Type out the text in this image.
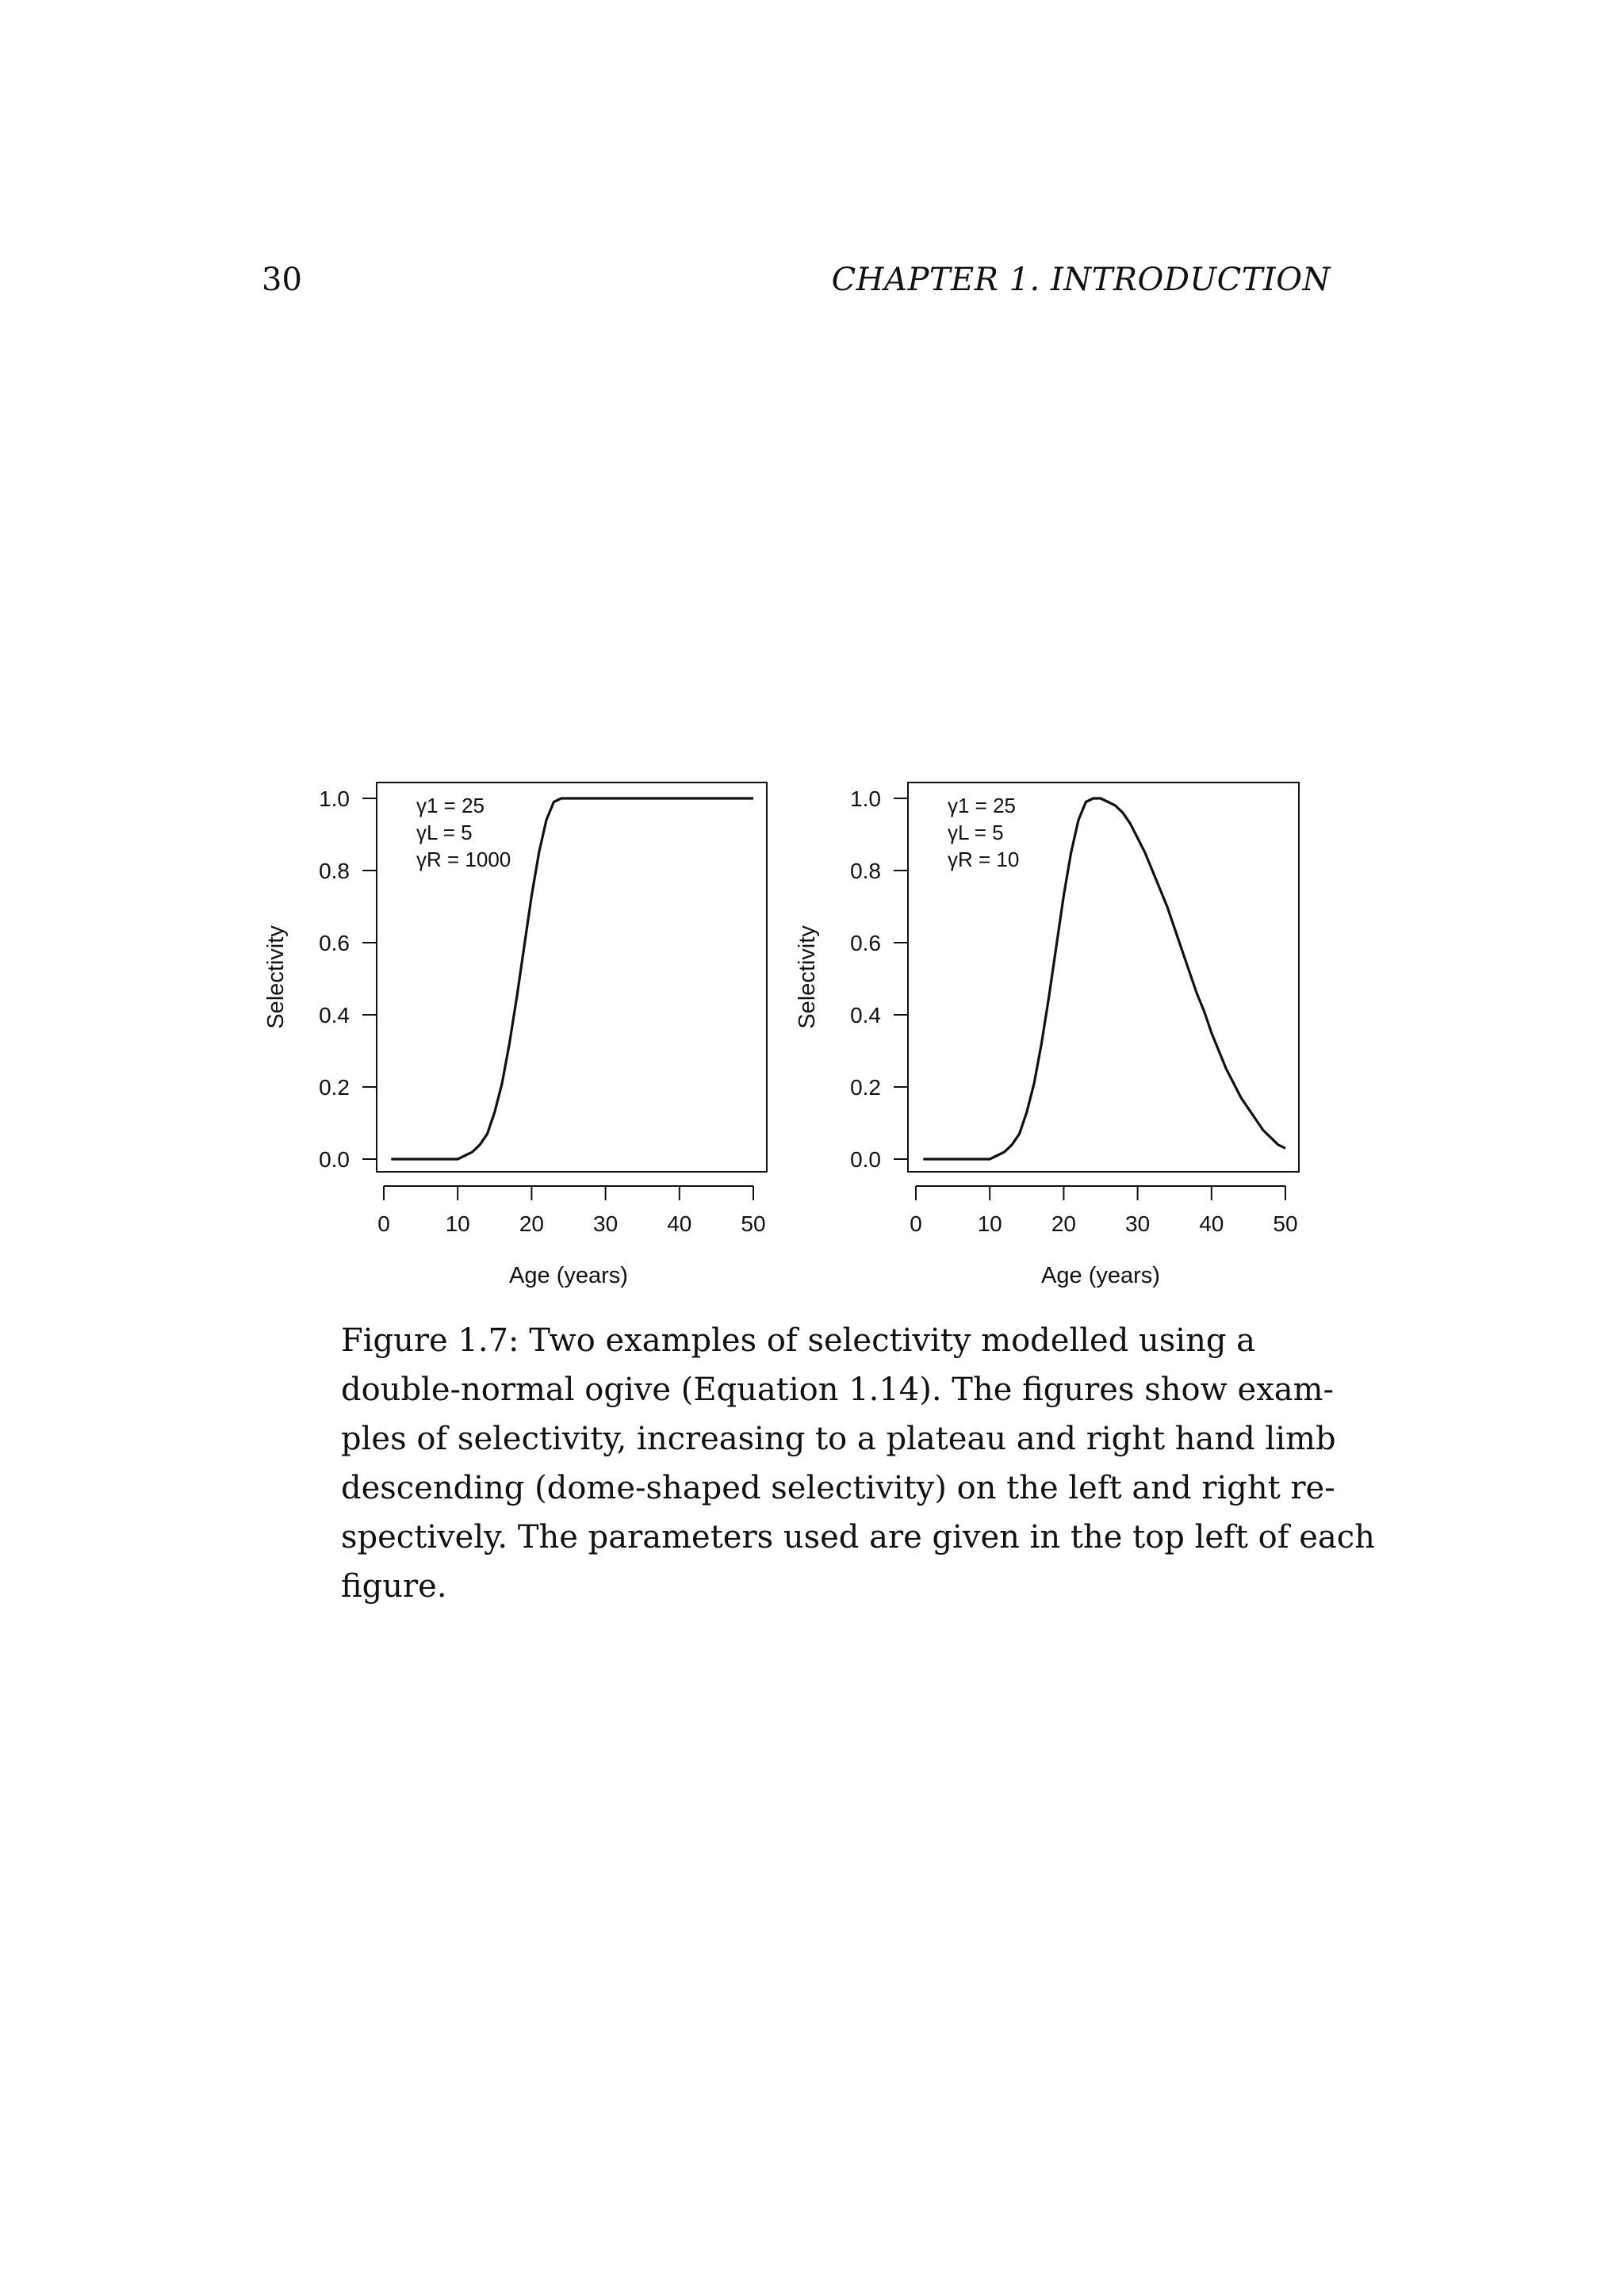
30	CHAPTER 1. INTRODUCTION
0.0
0.2
0.4
0.6
0.8
1.0
0 10 20 30 40 50
Age (years)
Selectivity
γ1 = 25
γL = 5
γR = 1000
0.0
0.2
0.4
0.6
0.8
1.0
0 10 20 30 40 50
Age (years)
Selectivity
γ1 = 25
γL = 5
γR = 10
Figure 1.7: Two examples of selectivity modelled using a
double-normal ogive (Equation 1.14). The figures show exam-
ples of selectivity, increasing to a plateau and right hand limb
descending (dome-shaped selectivity) on the left and right re-
spectively. The parameters used are given in the top left of each
figure.
